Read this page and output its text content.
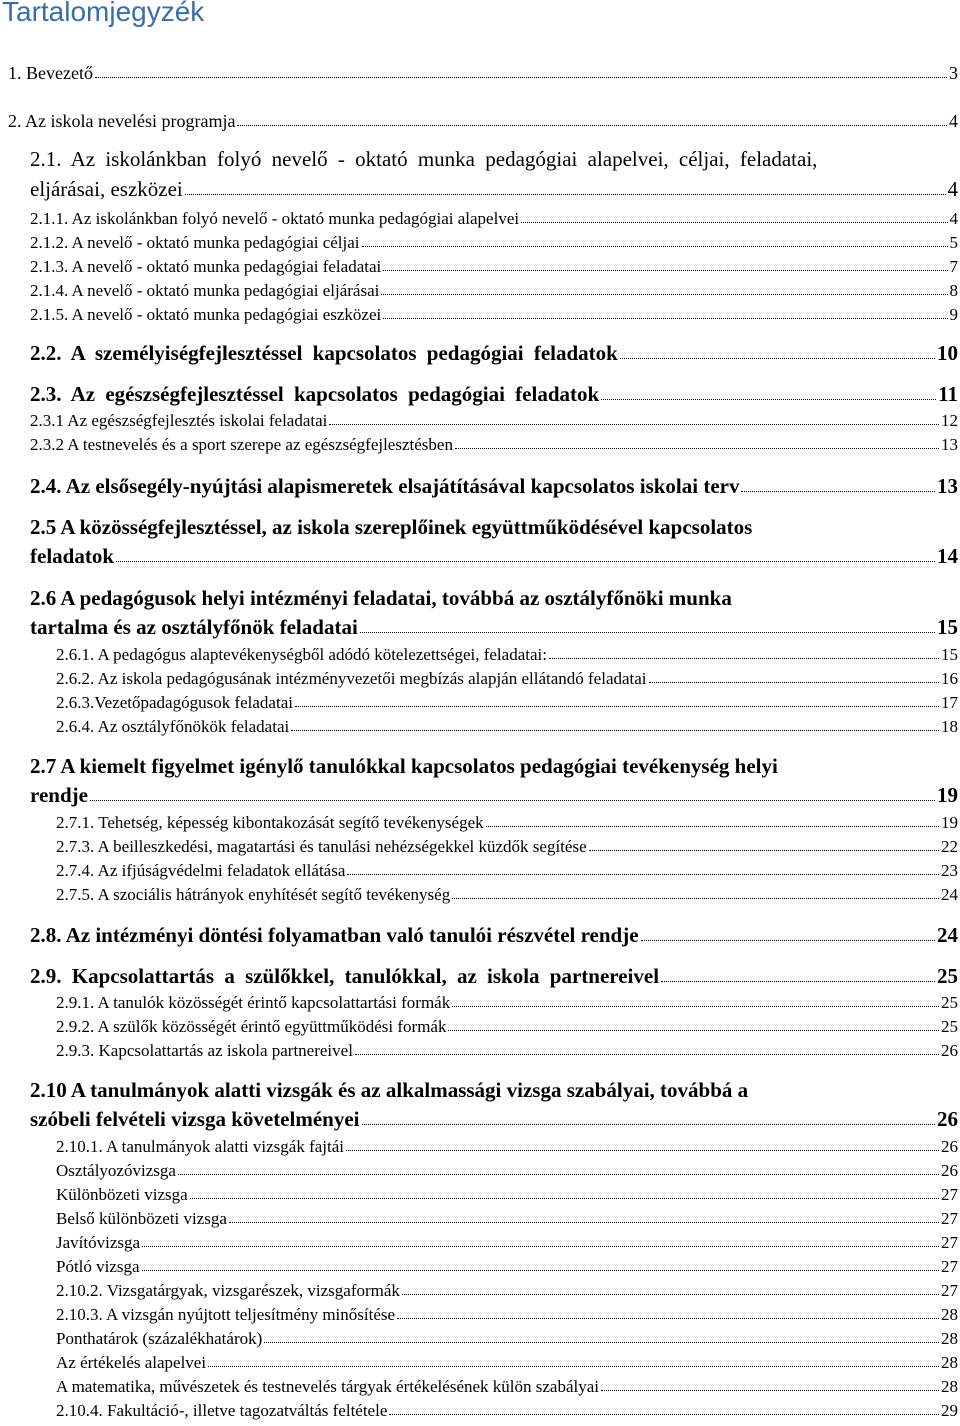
Tartalomjegyzék
1. Bevezető	3
2. Az iskola nevelési programja	4
2.1. Az iskolánkban folyó nevelő - oktató munka pedagógiai alapelvei, céljai, feladatai,
eljárásai, eszközei	4
2.1.1. Az iskolánkban folyó nevelő - oktató munka pedagógiai alapelvei	4
2.1.2. A nevelő - oktató munka pedagógiai céljai	5
2.1.3. A nevelő - oktató munka pedagógiai feladatai	7
2.1.4. A nevelő - oktató munka pedagógiai eljárásai	8
2.1.5. A nevelő - oktató munka pedagógiai eszközei	9
2.2. A személyiségfejlesztéssel kapcsolatos pedagógiai feladatok	10
2.3. Az egészségfejlesztéssel kapcsolatos pedagógiai feladatok	11
2.3.1 Az egészségfejlesztés iskolai feladatai	12
2.3.2 A testnevelés és a sport szerepe az egészségfejlesztésben	13
2.4. Az elsősegély-nyújtási alapismeretek elsajátításával kapcsolatos iskolai terv	13
2.5 A közösségfejlesztéssel, az iskola szereplőinek együttműködésével kapcsolatos
feladatok	14
2.6 A pedagógusok helyi intézményi feladatai, továbbá az osztályfőnöki munka
tartalma és az osztályfőnök feladatai	15
2.6.1. A pedagógus alaptevékenységből adódó kötelezettségei, feladatai:	15
2.6.2. Az iskola pedagógusának intézményvezetői megbízás alapján ellátandó feladatai	16
2.6.3.Vezetőpadagógusok feladatai	17
2.6.4. Az osztályfőnökök feladatai	18
2.7 A kiemelt figyelmet igénylő tanulókkal kapcsolatos pedagógiai tevékenység helyi
rendje	19
2.7.1. Tehetség, képesség kibontakozását segítő tevékenységek	19
2.7.3. A beilleszkedési, magatartási és tanulási nehézségekkel küzdők segítése	22
2.7.4. Az ifjúságvédelmi feladatok ellátása	23
2.7.5. A szociális hátrányok enyhítését segítő tevékenység	24
2.8. Az intézményi döntési folyamatban való tanulói részvétel rendje	24
2.9. Kapcsolattartás a szülőkkel, tanulókkal, az iskola partnereivel	25
2.9.1. A tanulók közösségét érintő kapcsolattartási formák	25
2.9.2. A szülők közösségét érintő együttműködési formák	25
2.9.3. Kapcsolattartás az iskola partnereivel	26
2.10 A tanulmányok alatti vizsgák és az alkalmassági vizsga szabályai, továbbá a
szóbeli felvételi vizsga követelményei	26
2.10.1. A tanulmányok alatti vizsgák fajtái	26
Osztályozóvizsga	26
Különbözeti vizsga	27
Belső különbözeti vizsga	27
Javítóvizsga	27
Pótló vizsga	27
2.10.2. Vizsgatárgyak, vizsgarészek, vizsgaformák	27
2.10.3. A vizsgán nyújtott teljesítmény minősítése	28
Ponthatárok (százalékhatárok)	28
Az értékelés alapelvei	28
A matematika, művészetek és testnevelés tárgyak értékelésének külön szabályai	28
2.10.4. Fakultáció-, illetve tagozatváltás feltétele	29
